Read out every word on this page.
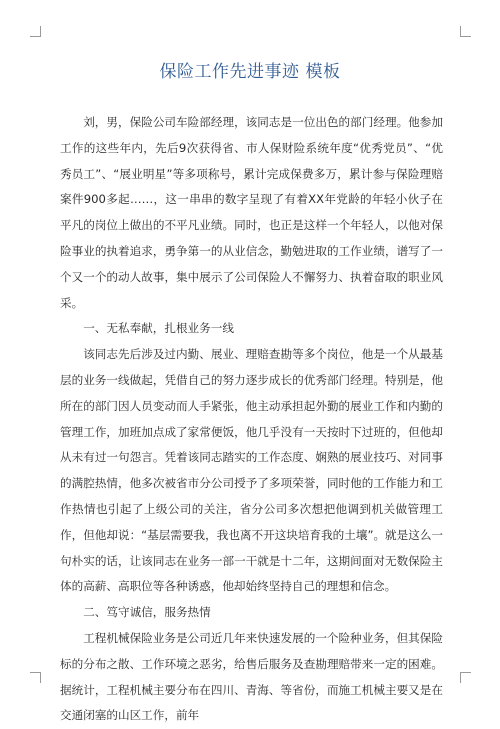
保险工作先进事迹 模板

刘，男，保险公司车险部经理，该同志是一位出色的部门经理。他参加工作的这些年内，先后9次获得省、市人保财险系统年度“优秀党员”、“优秀员工”、“展业明星”等多项称号，累计完成保费多万，累计参与保险理赔案件900多起……，这一串串的数字呈现了有着XX年党龄的年轻小伙子在平凡的岗位上做出的不平凡业绩。同时，也正是这样一个年轻人，以他对保险事业的执着追求，勇争第一的从业信念，勤勉进取的工作业绩，谱写了一个又一个的动人故事，集中展示了公司保险人不懈努力、执着奋取的职业风采。

一、无私奉献，扎根业务一线

该同志先后涉及过内勤、展业、理赔查勘等多个岗位，他是一个从最基层的业务一线做起，凭借自己的努力逐步成长的优秀部门经理。特别是，他所在的部门因人员变动而人手紧张，他主动承担起外勤的展业工作和内勤的管理工作，加班加点成了家常便饭，他几乎没有一天按时下过班的，但他却从未有过一句怨言。凭着该同志踏实的工作态度、娴熟的展业技巧、对同事的满腔热情，他多次被省市分公司授予了多项荣誉，同时他的工作能力和工作热情也引起了上级公司的关注，省分公司多次想把他调到机关做管理工作，但他却说：“基层需要我，我也离不开这块培育我的土壤”。就是这么一句朴实的话，让该同志在业务一部一干就是十二年，这期间面对无数保险主体的高薪、高职位等各种诱惑，他却始终坚持自己的理想和信念。

二、笃守诚信，服务热情

工程机械保险业务是公司近几年来快速发展的一个险种业务，但其保险标的分布之散、工作环境之恶劣，给售后服务及查勘理赔带来一定的困难。据统计，工程机械主要分布在四川、青海、等省份，而施工机械主要又是在交通闭塞的山区工作，前年
